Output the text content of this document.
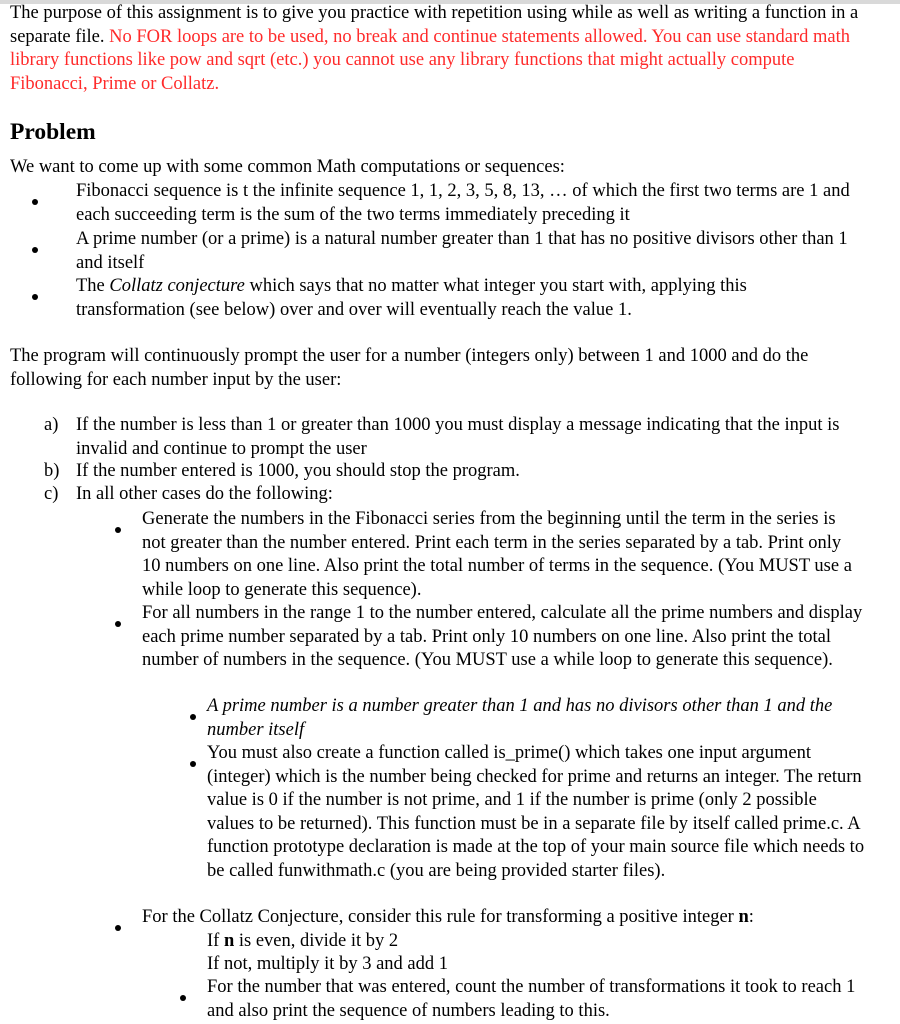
The purpose of this assignment is to give you practice with repetition using while as well as writing a function in a separate file. No FOR loops are to be used, no break and continue statements allowed. You can use standard math library functions like pow and sqrt (etc.) you cannot use any library functions that might actually compute Fibonacci, Prime or Collatz.

Problem

We want to come up with some common Math computations or sequences:

Fibonacci sequence is t the infinite sequence 1, 1, 2, 3, 5, 8, 13, … of which the first two terms are 1 and each succeeding term is the sum of the two terms immediately preceding it
A prime number (or a prime) is a natural number greater than 1 that has no positive divisors other than 1 and itself
The Collatz conjecture which says that no matter what integer you start with, applying this transformation (see below) over and over will eventually reach the value 1.

The program will continuously prompt the user for a number (integers only) between 1 and 1000 and do the following for each number input by the user:

a) If the number is less than 1 or greater than 1000 you must display a message indicating that the input is invalid and continue to prompt the user
b) If the number entered is 1000, you should stop the program.
c) In all other cases do the following:
Generate the numbers in the Fibonacci series from the beginning until the term in the series is not greater than the number entered. Print each term in the series separated by a tab. Print only 10 numbers on one line. Also print the total number of terms in the sequence. (You MUST use a while loop to generate this sequence).
For all numbers in the range 1 to the number entered, calculate all the prime numbers and display each prime number separated by a tab. Print only 10 numbers on one line. Also print the total number of numbers in the sequence. (You MUST use a while loop to generate this sequence).
A prime number is a number greater than 1 and has no divisors other than 1 and the number itself
You must also create a function called is_prime() which takes one input argument (integer) which is the number being checked for prime and returns an integer. The return value is 0 if the number is not prime, and 1 if the number is prime (only 2 possible values to be returned). This function must be in a separate file by itself called prime.c. A function prototype declaration is made at the top of your main source file which needs to be called funwithmath.c (you are being provided starter files).
For the Collatz Conjecture, consider this rule for transforming a positive integer n:
If n is even, divide it by 2
If not, multiply it by 3 and add 1
For the number that was entered, count the number of transformations it took to reach 1 and also print the sequence of numbers leading to this.
